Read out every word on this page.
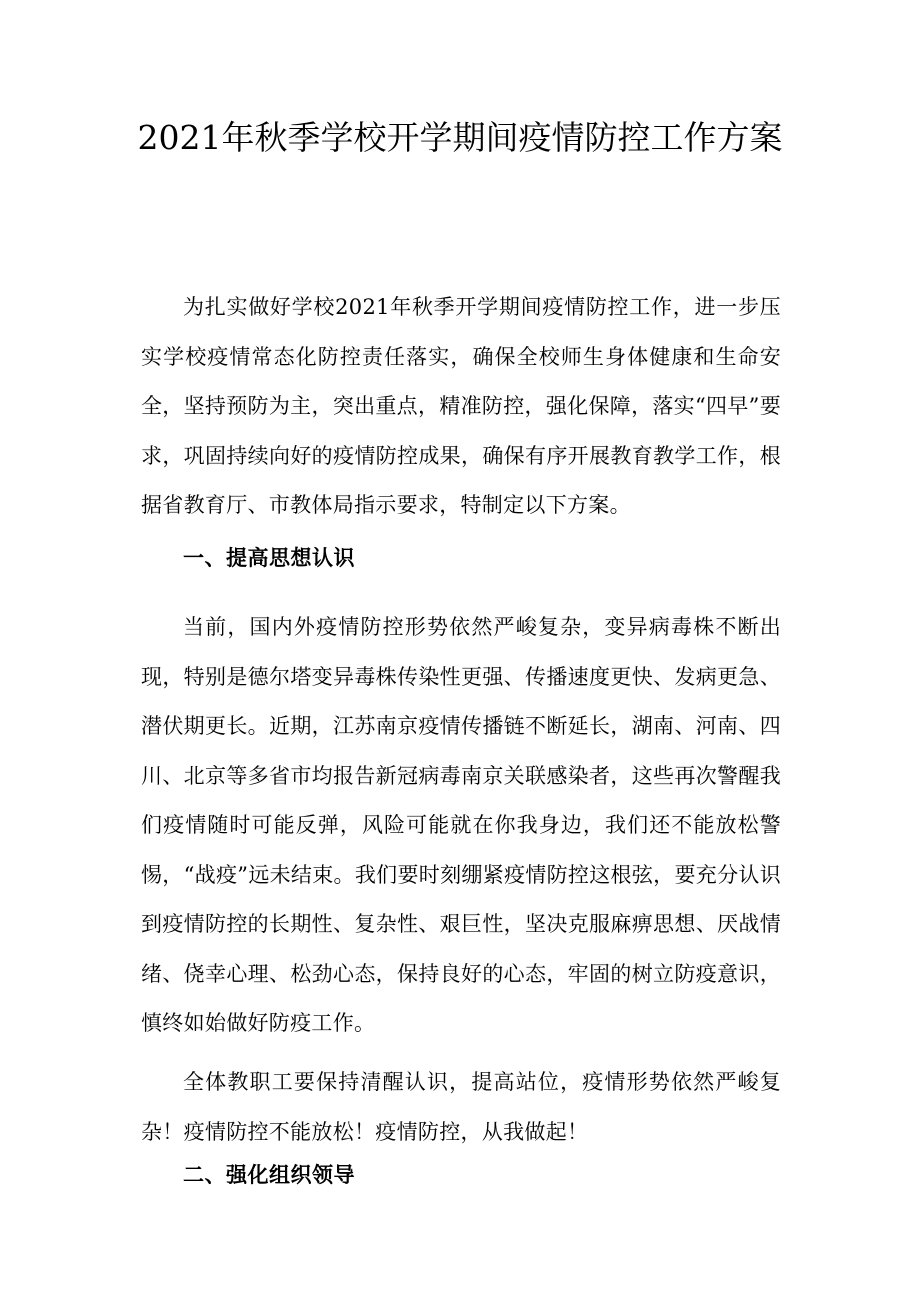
2021年秋季学校开学期间疫情防控工作方案

为扎实做好学校2021年秋季开学期间疫情防控工作，进一步压实学校疫情常态化防控责任落实，确保全校师生身体健康和生命安全，坚持预防为主，突出重点，精准防控，强化保障，落实“四早”要求，巩固持续向好的疫情防控成果，确保有序开展教育教学工作，根据省教育厅、市教体局指示要求，特制定以下方案。

一、提高思想认识

当前，国内外疫情防控形势依然严峻复杂，变异病毒株不断出现，特别是德尔塔变异毒株传染性更强、传播速度更快、发病更急、潜伏期更长。近期，江苏南京疫情传播链不断延长，湖南、河南、四川、北京等多省市均报告新冠病毒南京关联感染者，这些再次警醒我们疫情随时可能反弹，风险可能就在你我身边，我们还不能放松警惕，“战疫”远未结束。我们要时刻绷紧疫情防控这根弦，要充分认识到疫情防控的长期性、复杂性、艰巨性，坚决克服麻痹思想、厌战情绪、侥幸心理、松劲心态，保持良好的心态，牢固的树立防疫意识，慎终如始做好防疫工作。

全体教职工要保持清醒认识，提高站位，疫情形势依然严峻复杂！疫情防控不能放松！疫情防控，从我做起！

二、强化组织领导
